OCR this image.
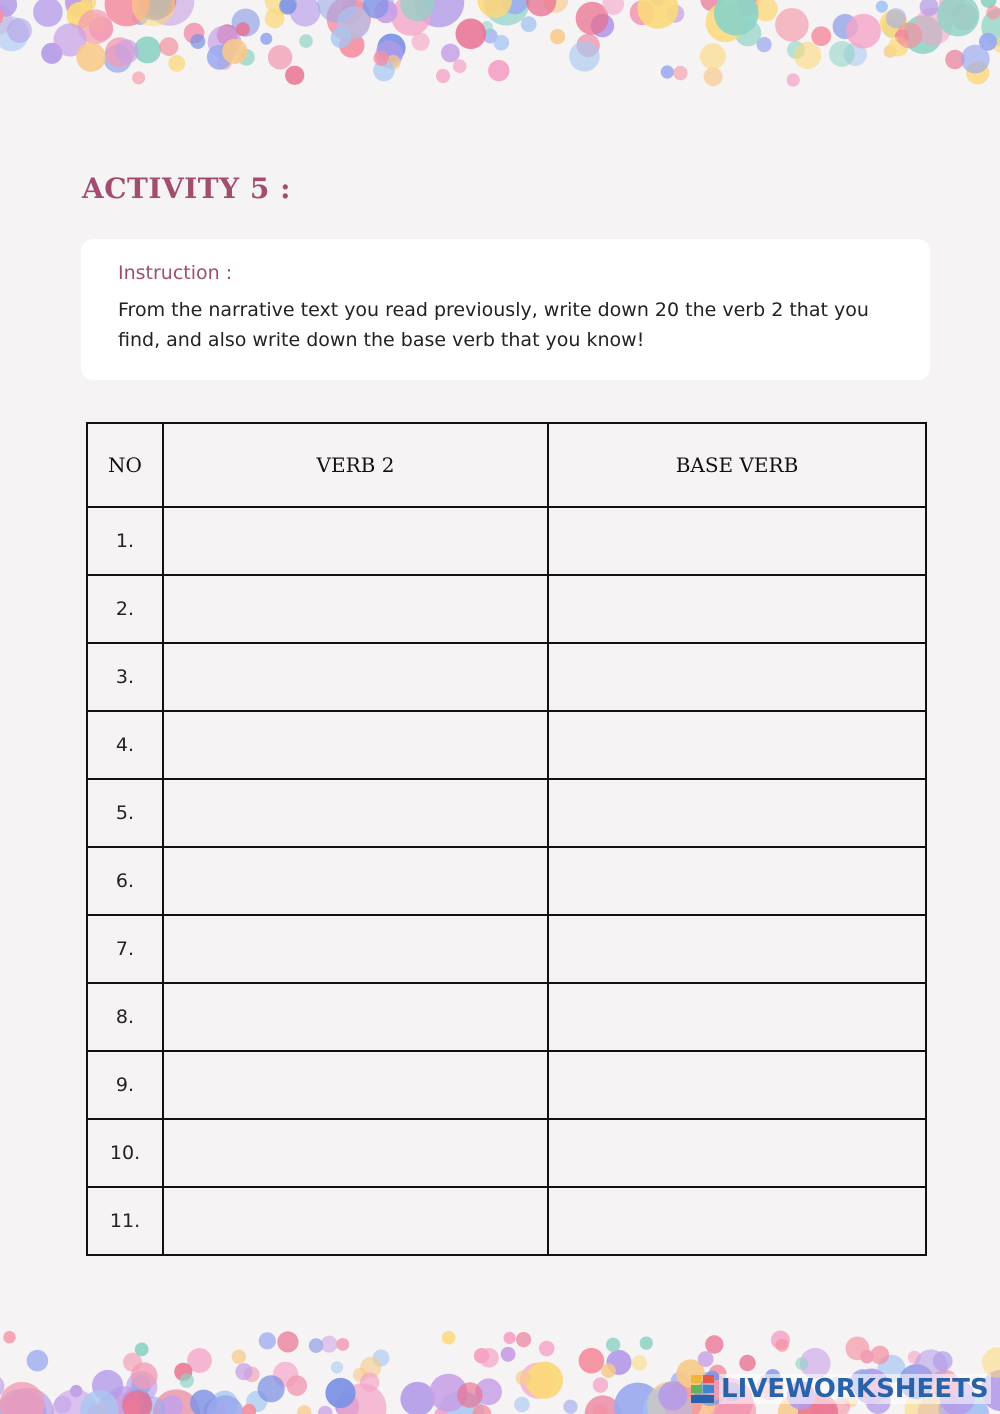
ACTIVITY 5 :
Instruction :
From the narrative text you read previously, write down 20 the verb 2 that you find, and also write down the base verb that you know!
NO	VERB 2	BASE VERB
1.		
2.		
3.		
4.		
5.		
6.		
7.		
8.		
9.		
10.		
11.		
LIVEWORKSHEETS
